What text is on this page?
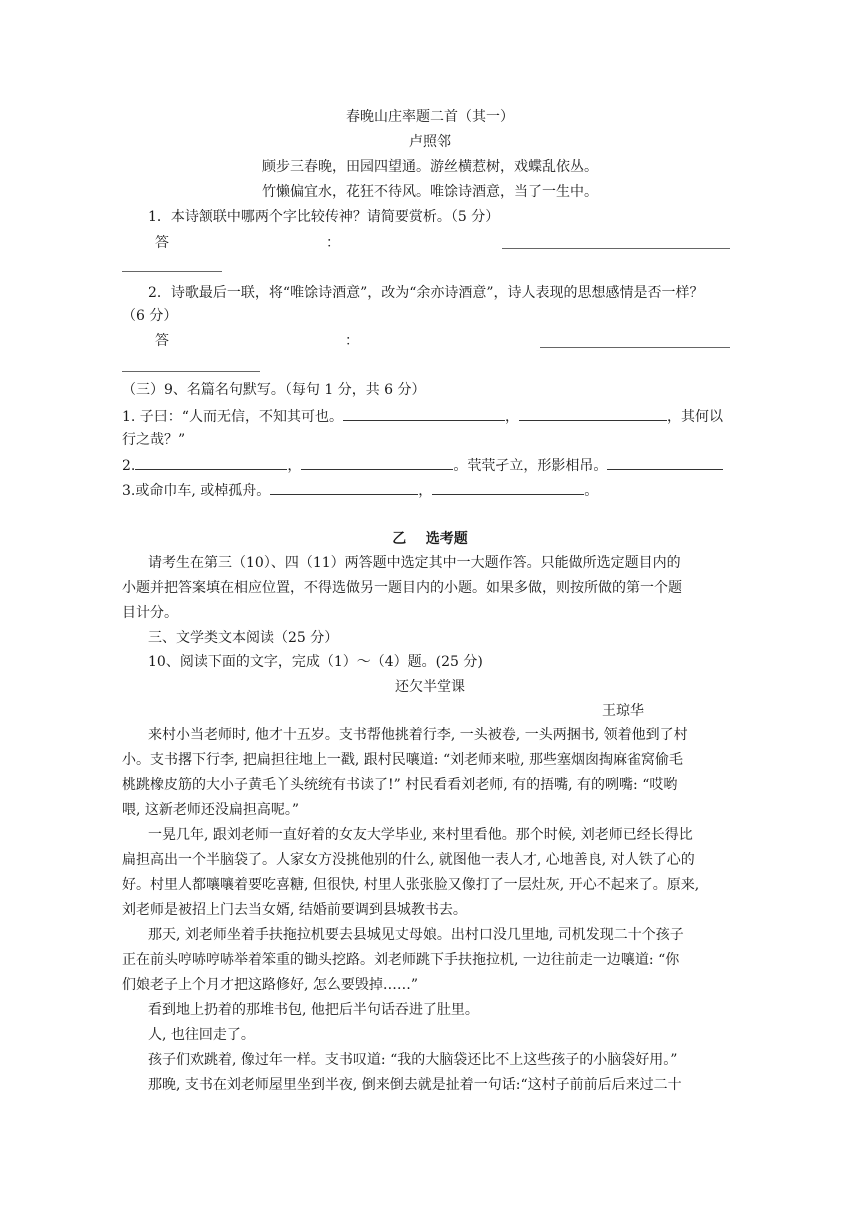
春晚山庄率题二首（其一）
卢照邻
顾步三春晚，田园四望通。游丝横惹树，戏蝶乱依丛。
竹懒偏宜水，花狂不待风。唯馀诗酒意，当了一生中。
1．本诗颔联中哪两个字比较传神？请简要赏析。（5 分）
答	：
2．诗歌最后一联，将“唯馀诗酒意”，改为“余亦诗酒意”，诗人表现的思想感情是否一样？
（6 分）
答	：
（三）9、名篇名句默写。（每句 1 分，共 6 分）
1. 子曰：“人而无信，不知其可也。	，	，其何以
行之哉？”
2.	，	。茕茕孑立，形影相吊。
3.或命巾车, 或棹孤舟。	，	。
乙    选考题
请考生在第三（10）、四（11）两答题中选定其中一大题作答。只能做所选定题目内的
小题并把答案填在相应位置，不得选做另一题目内的小题。如果多做，则按所做的第一个题
目计分。
三、文学类文本阅读（25 分）
10、阅读下面的文字，完成（1）～（4）题。(25 分)
还欠半堂课
王琼华
来村小当老师时, 他才十五岁。支书帮他挑着行李, 一头被卷, 一头两捆书, 领着他到了村
小。支书撂下行李, 把扁担往地上一戳, 跟村民嚷道: “刘老师来啦, 那些塞烟囱掏麻雀窝偷毛
桃跳橡皮筋的大小子黄毛丫头统统有书读了!” 村民看看刘老师, 有的捂嘴, 有的咧嘴: “哎哟
喂, 这新老师还没扁担高呢。”
一晃几年, 跟刘老师一直好着的女友大学毕业, 来村里看他。那个时候, 刘老师已经长得比
扁担高出一个半脑袋了。人家女方没挑他别的什么, 就图他一表人才, 心地善良, 对人铁了心的
好。村里人都嚷嚷着要吃喜糖, 但很快, 村里人张张脸又像打了一层灶灰, 开心不起来了。原来,
刘老师是被招上门去当女婿, 结婚前要调到县城教书去。
那天, 刘老师坐着手扶拖拉机要去县城见丈母娘。出村口没几里地, 司机发现二十个孩子
正在前头哼哧哼哧举着笨重的锄头挖路。刘老师跳下手扶拖拉机, 一边往前走一边嚷道: “你
们娘老子上个月才把这路修好, 怎么要毁掉……”
看到地上扔着的那堆书包, 他把后半句话吞进了肚里。
人, 也往回走了。
孩子们欢跳着, 像过年一样。支书叹道: “我的大脑袋还比不上这些孩子的小脑袋好用。”
那晚, 支书在刘老师屋里坐到半夜, 倒来倒去就是扯着一句话:“这村子前前后后来过二十
